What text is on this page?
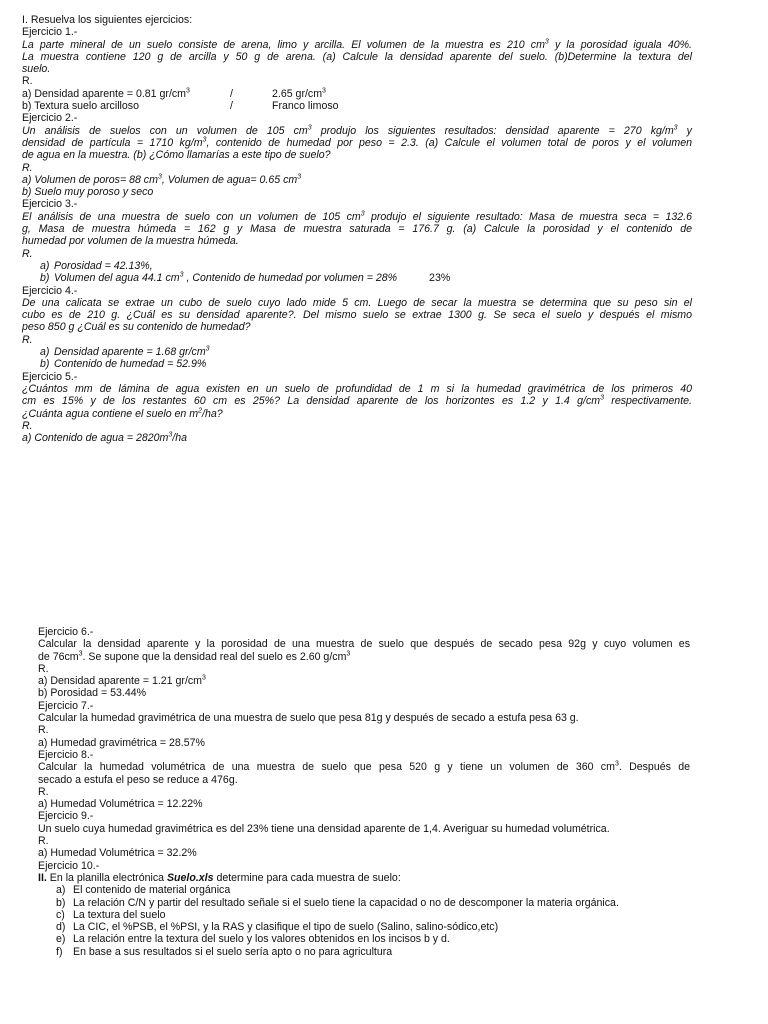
I. Resuelva los siguientes ejercicios:
Ejercicio 1.-
La parte mineral de un suelo consiste de arena, limo y arcilla. El volumen de la muestra es 210 $cm^3$ y la porosidad iguala 40%.
La muestra contiene 120 g de arcilla y 50 g de arena. (a) Calcule la densidad aparente del suelo. (b)Determine la textura del
suelo.
R.
a) Densidad aparente = 0.81 $gr/cm^3$	/	2.65 $gr/cm^3$
b) Textura suelo arcilloso	/	Franco limoso
Ejercicio 2.-
Un análisis de suelos con un volumen de 105 $cm^3$ produjo los siguientes resultados: densidad aparente = 270 $kg/m^3$ y
densidad de partícula = 1710 $kg/m^3$, contenido de humedad por peso = 2.3. (a) Calcule el volumen total de poros y el volumen
de agua en la muestra. (b) ¿Cómo llamarías a este tipo de suelo?
R.
a) Volumen de poros= 88 $cm^3$, Volumen de agua= 0.65 $cm^3$
b) Suelo muy poroso y seco
Ejercicio 3.-
El análisis de una muestra de suelo con un volumen de 105 $cm^3$ produjo el siguiente resultado: Masa de muestra seca = 132.6
g, Masa de muestra húmeda = 162 g y Masa de muestra saturada = 176.7 g. (a) Calcule la porosidad y el contenido de
humedad por volumen de la muestra húmeda.
R.
a) Porosidad = 42.13%,
b) Volumen del agua 44.1 $cm^3$ , Contenido de humedad por volumen = 28%	23%
Ejercicio 4.-
De una calicata se extrae un cubo de suelo cuyo lado mide 5 cm. Luego de secar la muestra se determina que su peso sin el
cubo es de 210 g. ¿Cuál es su densidad aparente?. Del mismo suelo se extrae 1300 g. Se seca el suelo y después el mismo
peso 850 g ¿Cuál es su contenido de humedad?
R.
a) Densidad aparente = 1.68 $gr/cm^3$
b) Contenido de humedad = 52.9%
Ejercicio 5.-
¿Cuántos mm de lámina de agua existen en un suelo de profundidad de 1 m si la humedad gravimétrica de los primeros 40
cm es 15% y de los restantes 60 cm es 25%? La densidad aparente de los horizontes es 1.2 y 1.4 $g/cm^3$ respectivamente.
¿Cuánta agua contiene el suelo en $m^2/ha$?
R.
a) Contenido de agua = $2820m^3/ha$
Ejercicio 6.-
Calcular la densidad aparente y la porosidad de una muestra de suelo que después de secado pesa 92g y cuyo volumen es
de $76cm^3$. Se supone que la densidad real del suelo es 2.60 $g/cm^3$
R.
a) Densidad aparente = 1.21 $gr/cm^3$
b) Porosidad = 53.44%
Ejercicio 7.-
Calcular la humedad gravimétrica de una muestra de suelo que pesa 81g y después de secado a estufa pesa 63 g.
R.
a) Humedad gravimétrica = 28.57%
Ejercicio 8.-
Calcular la humedad volumétrica de una muestra de suelo que pesa 520 g y tiene un volumen de 360 $cm^3$. Después de
secado a estufa el peso se reduce a 476g.
R.
a) Humedad Volumétrica = 12.22%
Ejercicio 9.-
Un suelo cuya humedad gravimétrica es del 23% tiene una densidad aparente de 1,4. Averiguar su humedad volumétrica.
R.
a) Humedad Volumétrica = 32.2%
Ejercicio 10.-
II. En la planilla electrónica Suelo.xls determine para cada muestra de suelo:
a) El contenido de material orgánica
b) La relación C/N y partir del resultado señale si el suelo tiene la capacidad o no de descomponer la materia orgánica.
c) La textura del suelo
d) La CIC, el %PSB, el %PSI, y la RAS y clasifique el tipo de suelo (Salino, salino-sódico,etc)
e) La relación entre la textura del suelo y los valores obtenidos en los incisos b y d.
f) En base a sus resultados si el suelo sería apto o no para agricultura
